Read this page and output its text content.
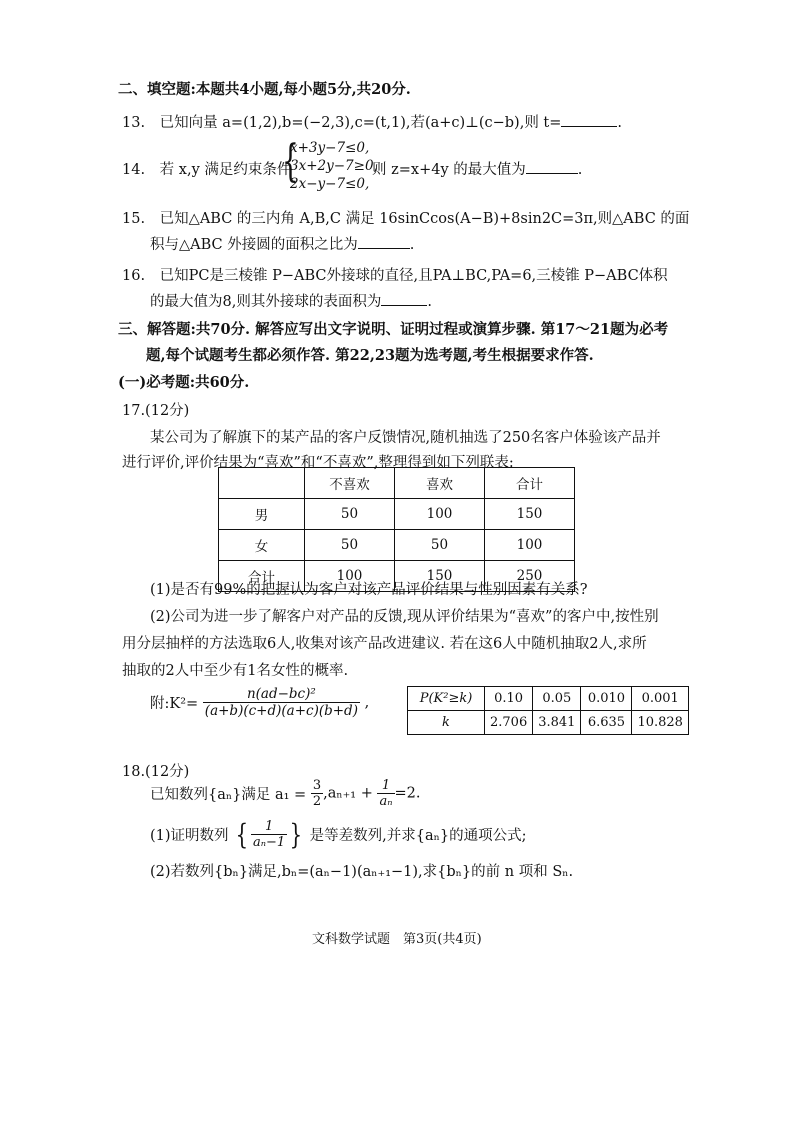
二、填空题:本题共4小题,每小题5分,共20分.
13. 已知向量 a=(1,2),b=(−2,3),c=(t,1),若(a+c)⊥(c−b),则 t=	.
14. 若 x,y 满足约束条件
{
x+3y−7≤0,
3x+2y−7≥0,
2x−y−7≤0,
则 z=x+4y 的最大值为	.
15. 已知△ABC 的三内角 A,B,C 满足 16sinCcos(A−B)+8sin2C=3π,则△ABC 的面
积与△ABC 外接圆的面积之比为	.
16. 已知PC是三棱锥 P−ABC外接球的直径,且PA⊥BC,PA=6,三棱锥 P−ABC体积
的最大值为8,则其外接球的表面积为	.
三、解答题:共70分. 解答应写出文字说明、证明过程或演算步骤. 第17～21题为必考
题,每个试题考生都必须作答. 第22,23题为选考题,考生根据要求作答.
(一)必考题:共60分.
17.(12分)
某公司为了解旗下的某产品的客户反馈情况,随机抽选了250名客户体验该产品并
进行评价,评价结果为“喜欢”和“不喜欢”,整理得到如下列联表:
	不喜欢	喜欢	合计
男	50	100	150
女	50	50	100
合计	100	150	250
(1)是否有99%的把握认为客户对该产品评价结果与性别因素有关系?
(2)公司为进一步了解客户对产品的反馈,现从评价结果为“喜欢”的客户中,按性别
用分层抽样的方法选取6人,收集对该产品改进建议. 若在这6人中随机抽取2人,求所
抽取的2人中至少有1名女性的概率.
附:K²= $\frac{\text{n(ad−bc)²}}{(a+b)(c+d)(a+c)(b+d)}$ ,	P(K²≥k)	0.10	0.05	0.010	0.001
k	2.706	3.841	6.635	10.828
18.(12分)
已知数列{aₙ}满足 $a_1 = \frac{3}{2} ,a_{n+1} + \frac{1}{\text{aₙ}} =2$.
(1)证明数列 { $\frac{1}{\text{aₙ−1}}$ } 是等差数列,并求{aₙ}的通项公式;
(2)若数列{bₙ}满足,bₙ=(aₙ−1)(aₙ₊₁−1),求{bₙ}的前 n 项和 Sₙ.
文科数学试题　第3页(共4页)
